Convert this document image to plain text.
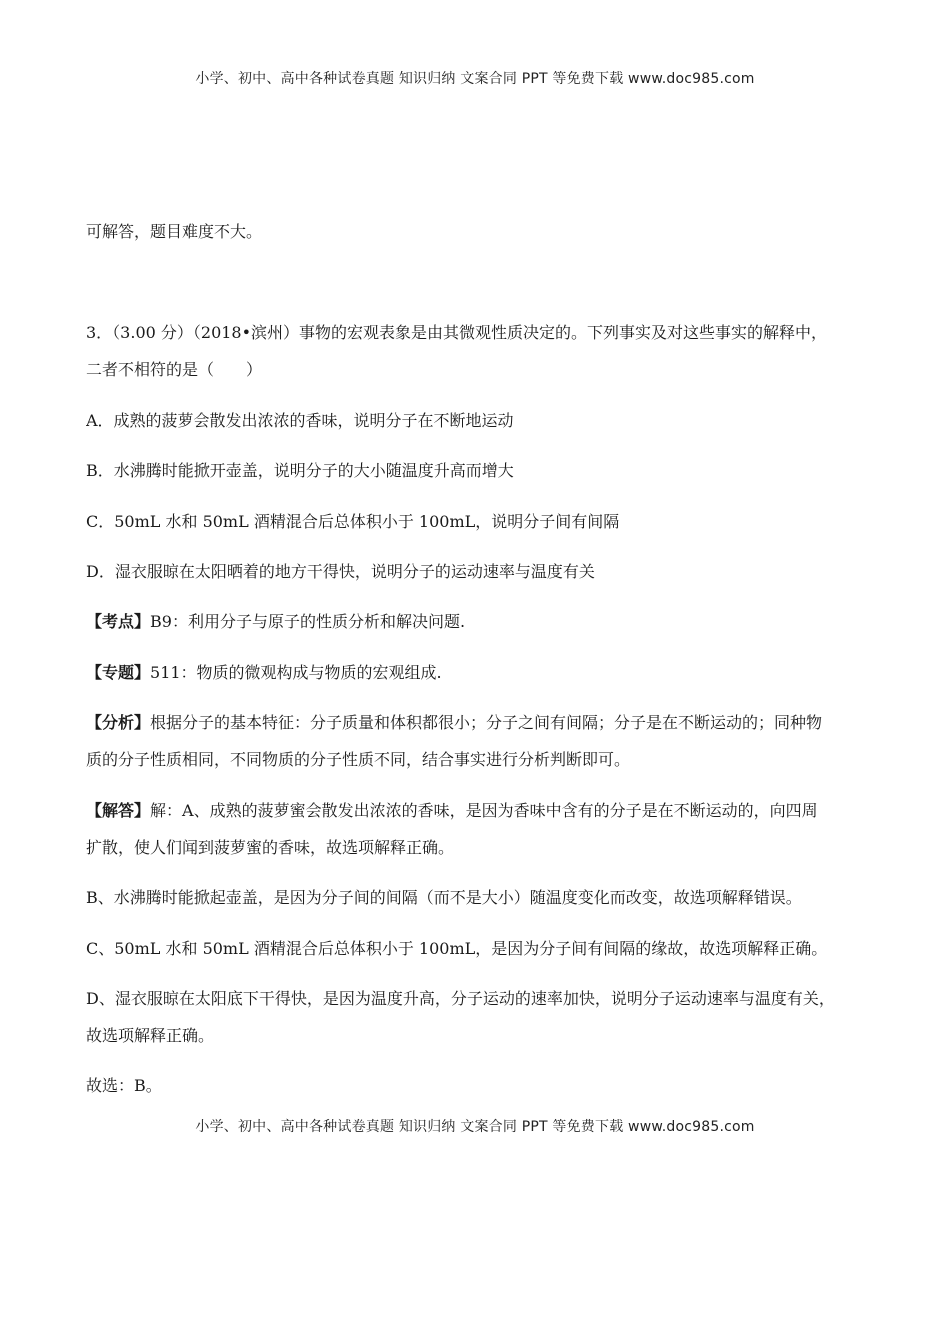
小学、初中、高中各种试卷真题 知识归纳 文案合同 PPT 等免费下载 www.doc985.com
可解答，题目难度不大。
3．（3.00 分）（2018•滨州）事物的宏观表象是由其微观性质决定的。下列事实及对这些事实的解释中，
二者不相符的是（　　）
A．成熟的菠萝会散发出浓浓的香味，说明分子在不断地运动
B．水沸腾时能掀开壶盖，说明分子的大小随温度升高而增大
C．50mL 水和 50mL 酒精混合后总体积小于 100mL，说明分子间有间隔
D．湿衣服晾在太阳晒着的地方干得快，说明分子的运动速率与温度有关
【考点】B9：利用分子与原子的性质分析和解决问题.
【专题】511：物质的微观构成与物质的宏观组成.
【分析】根据分子的基本特征：分子质量和体积都很小；分子之间有间隔；分子是在不断运动的；同种物
质的分子性质相同，不同物质的分子性质不同，结合事实进行分析判断即可。
【解答】解：A、成熟的菠萝蜜会散发出浓浓的香味，是因为香味中含有的分子是在不断运动的，向四周
扩散，使人们闻到菠萝蜜的香味，故选项解释正确。
B、水沸腾时能掀起壶盖，是因为分子间的间隔（而不是大小）随温度变化而改变，故选项解释错误。
C、50mL 水和 50mL 酒精混合后总体积小于 100mL，是因为分子间有间隔的缘故，故选项解释正确。
D、湿衣服晾在太阳底下干得快，是因为温度升高，分子运动的速率加快，说明分子运动速率与温度有关，
故选项解释正确。
故选：B。
小学、初中、高中各种试卷真题 知识归纳 文案合同 PPT 等免费下载 www.doc985.com
